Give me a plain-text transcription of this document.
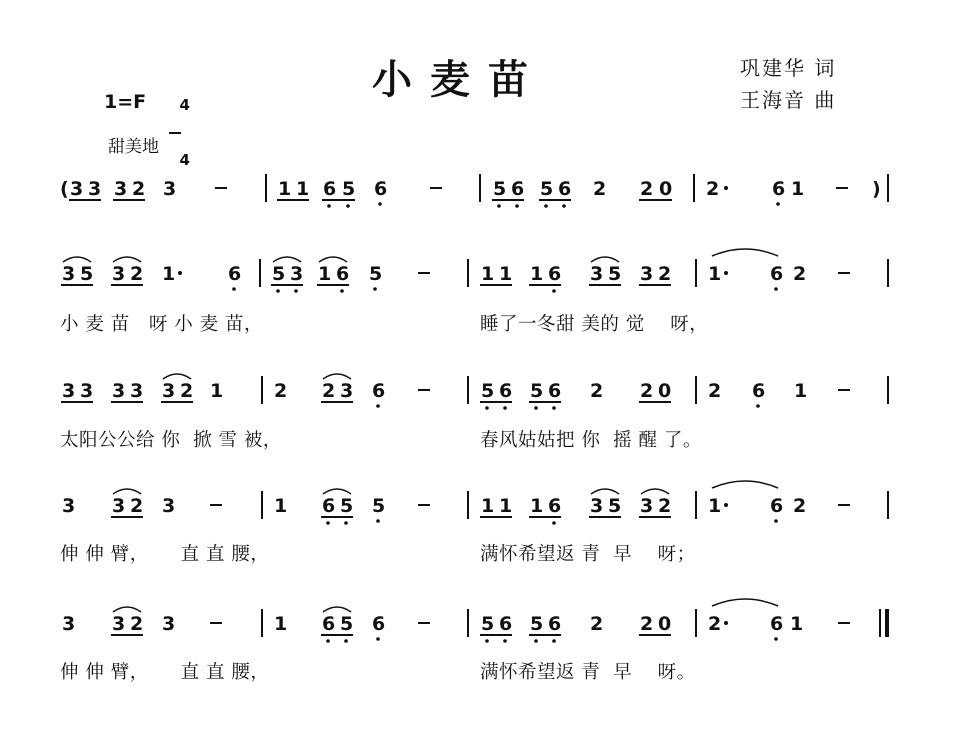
小麦苗	巩建华 词
王海音 曲
1=F	4

4

甜美地
( 3 3 3 2 3	1 1 6 5 6	5 6 5 6 2 2 0 2	6 1	)
3 5 3 2 1	6 5 3 1 6 5	1 1 1 6 3 5 3 2 1	6 2
3 3 3 3 3 2 1	2 2 3 6	5 6 5 6 2 2 0 2 6 1
3 3 2 3	1 6 5 5	1 1 1 6 3 5 3 2 1	6 2
3 3 2 3	1 6 5 6	5 6 5 6 2 2 0 2	6 1
小 麦 苗   呀 小 麦 苗，	睡了一冬甜 美的 觉    呀，
太阳公公给 你  掀 雪 被，	春风姑姑把 你  摇 醒 了。
伸 伸 臂，     直 直 腰，	满怀希望返 青  早    呀；
伸 伸 臂，     直 直 腰，	满怀希望返 青  早    呀。
